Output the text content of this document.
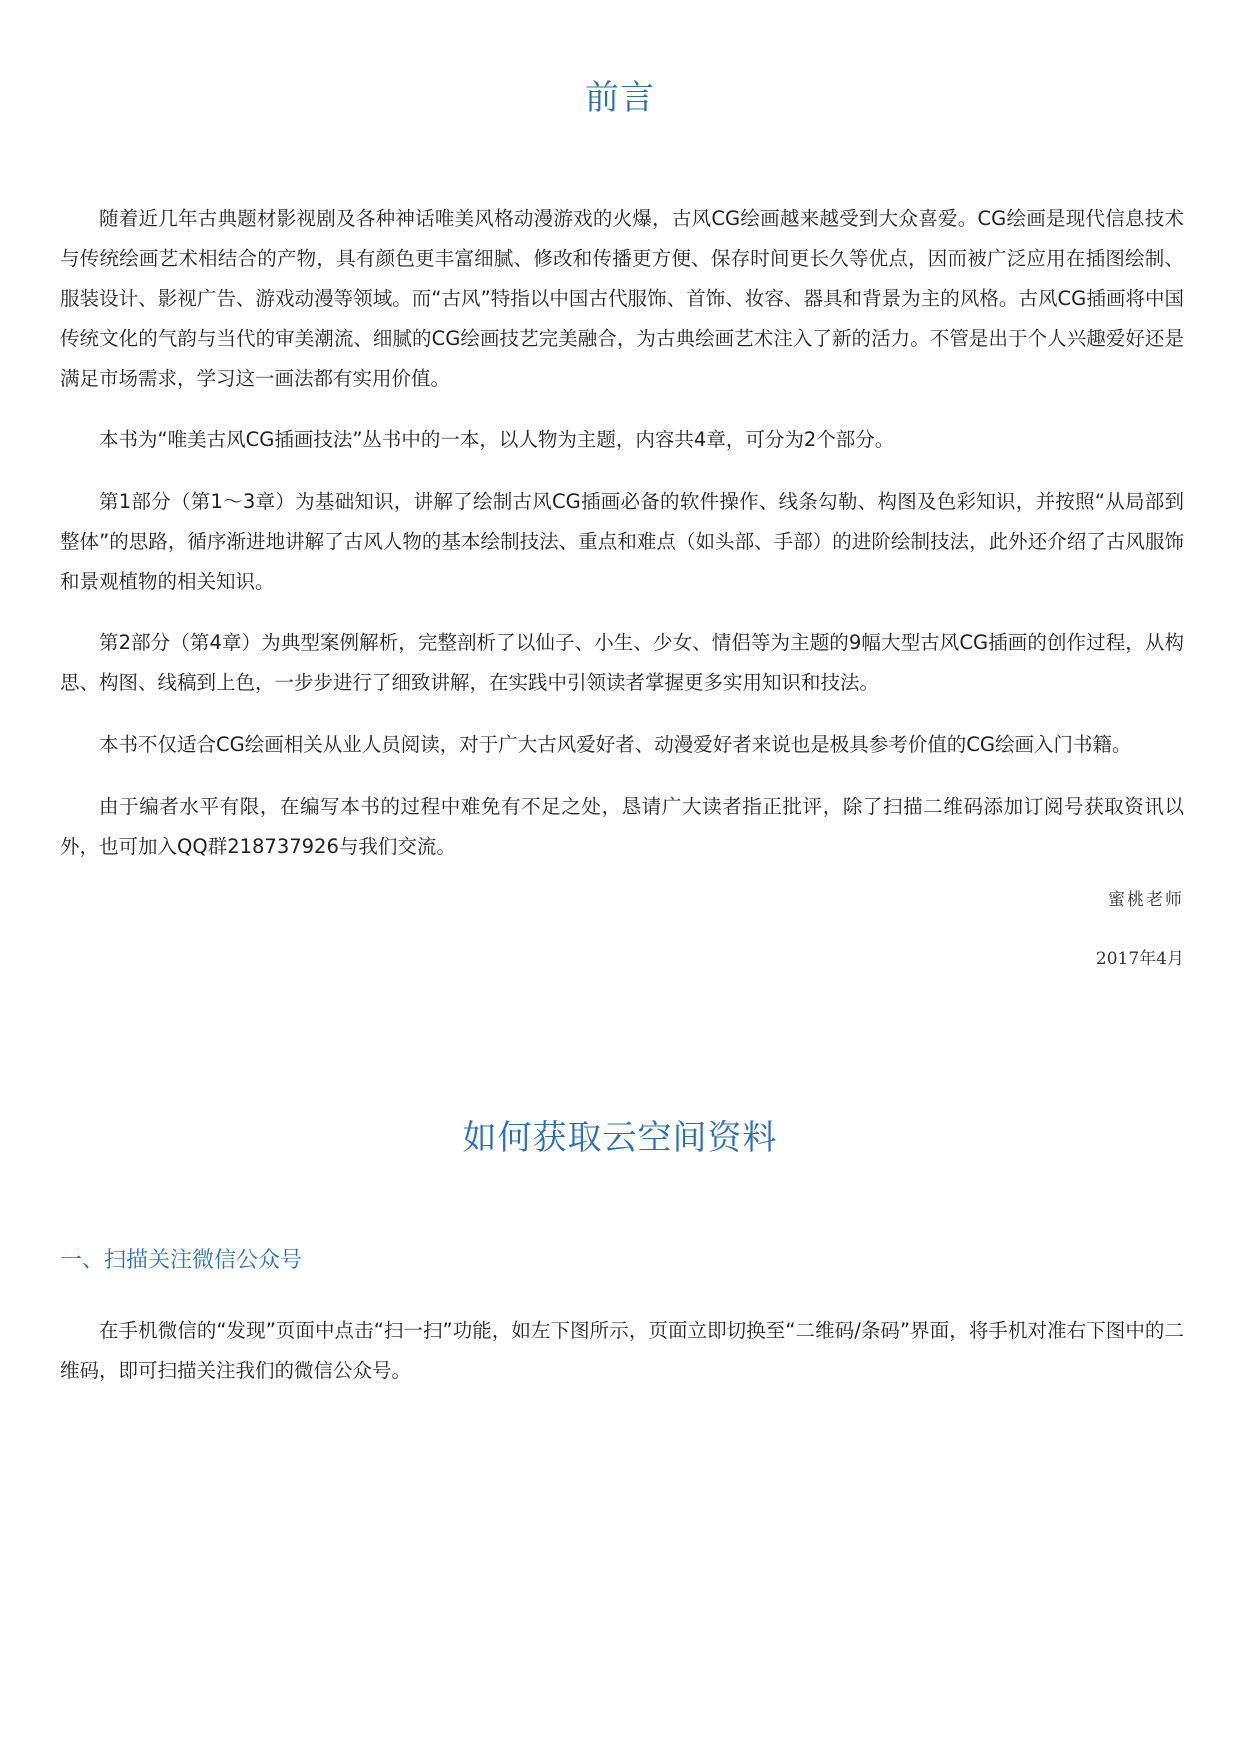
前言

随着近几年古典题材影视剧及各种神话唯美风格动漫游戏的火爆，古风CG绘画越来越受到大众喜爱。CG绘画是现代信息技术与传统绘画艺术相结合的产物，具有颜色更丰富细腻、修改和传播更方便、保存时间更长久等优点，因而被广泛应用在插图绘制、服装设计、影视广告、游戏动漫等领域。而“古风”特指以中国古代服饰、首饰、妆容、器具和背景为主的风格。古风CG插画将中国传统文化的气韵与当代的审美潮流、细腻的CG绘画技艺完美融合，为古典绘画艺术注入了新的活力。不管是出于个人兴趣爱好还是满足市场需求，学习这一画法都有实用价值。

本书为“唯美古风CG插画技法”丛书中的一本，以人物为主题，内容共4章，可分为2个部分。

第1部分（第1～3章）为基础知识，讲解了绘制古风CG插画必备的软件操作、线条勾勒、构图及色彩知识，并按照“从局部到整体”的思路，循序渐进地讲解了古风人物的基本绘制技法、重点和难点（如头部、手部）的进阶绘制技法，此外还介绍了古风服饰和景观植物的相关知识。

第2部分（第4章）为典型案例解析，完整剖析了以仙子、小生、少女、情侣等为主题的9幅大型古风CG插画的创作过程，从构思、构图、线稿到上色，一步步进行了细致讲解，在实践中引领读者掌握更多实用知识和技法。

本书不仅适合CG绘画相关从业人员阅读，对于广大古风爱好者、动漫爱好者来说也是极具参考价值的CG绘画入门书籍。

由于编者水平有限，在编写本书的过程中难免有不足之处，恳请广大读者指正批评，除了扫描二维码添加订阅号获取资讯以外，也可加入QQ群218737926与我们交流。

蜜桃老师

2017年4月

如何获取云空间资料
一、扫描关注微信公众号

在手机微信的“发现”页面中点击“扫一扫”功能，如左下图所示，页面立即切换至“二维码/条码”界面，将手机对准右下图中的二维码，即可扫描关注我们的微信公众号。
